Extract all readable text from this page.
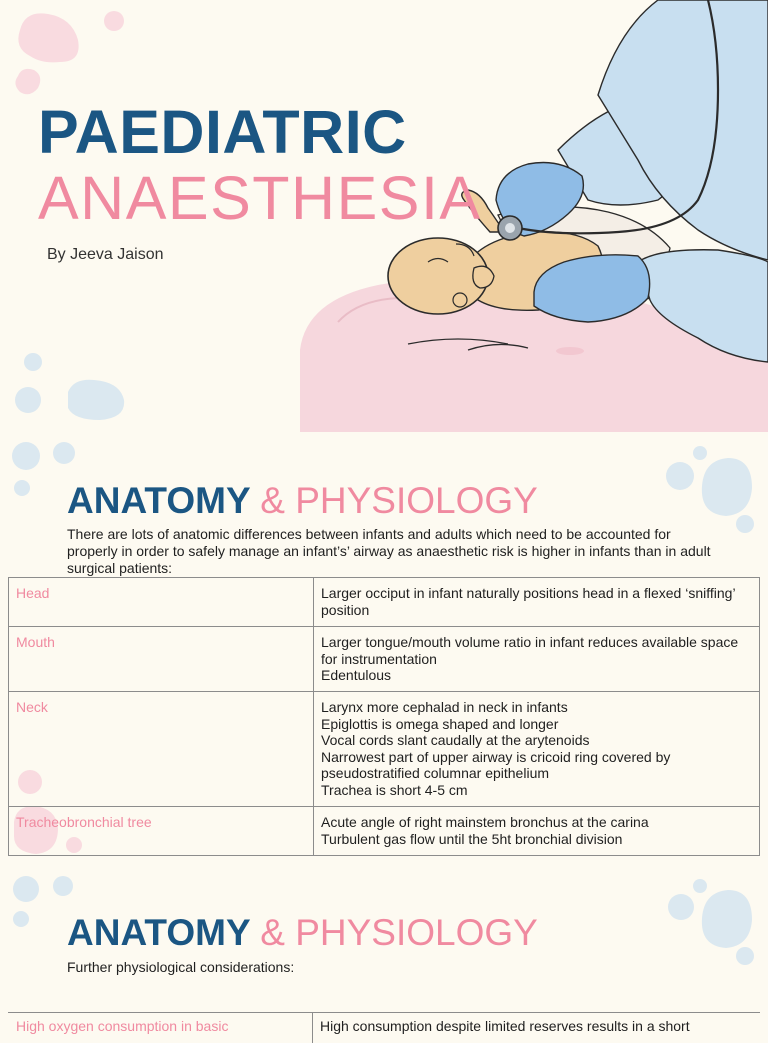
PAEDIATRIC
ANAESTHESIA
By Jeeva Jaison
ANATOMY & PHYSIOLOGY

There are lots of anatomic differences between infants and adults which need to be accounted for properly in order to safely manage an infant’s’ airway as anaesthetic risk is higher in infants than in adult surgical patients:

Head	Larger occiput in infant naturally positions head in a flexed ‘sniffing’ position

Mouth	Larger tongue/mouth volume ratio in infant reduces available space for instrumentation
Edentulous

Neck	Larynx more cephalad in neck in infants
Epiglottis is omega shaped and longer
Vocal cords slant caudally at the arytenoids
Narrowest part of upper airway is cricoid ring covered by pseudostratified columnar epithelium
Trachea is short 4-5 cm

Tracheobronchial tree	Acute angle of right mainstem bronchus at the carina
Turbulent gas flow until the 5ht bronchial division
ANATOMY & PHYSIOLOGY

Further physiological considerations:

High oxygen consumption in basic	High consumption despite limited reserves results in a short
